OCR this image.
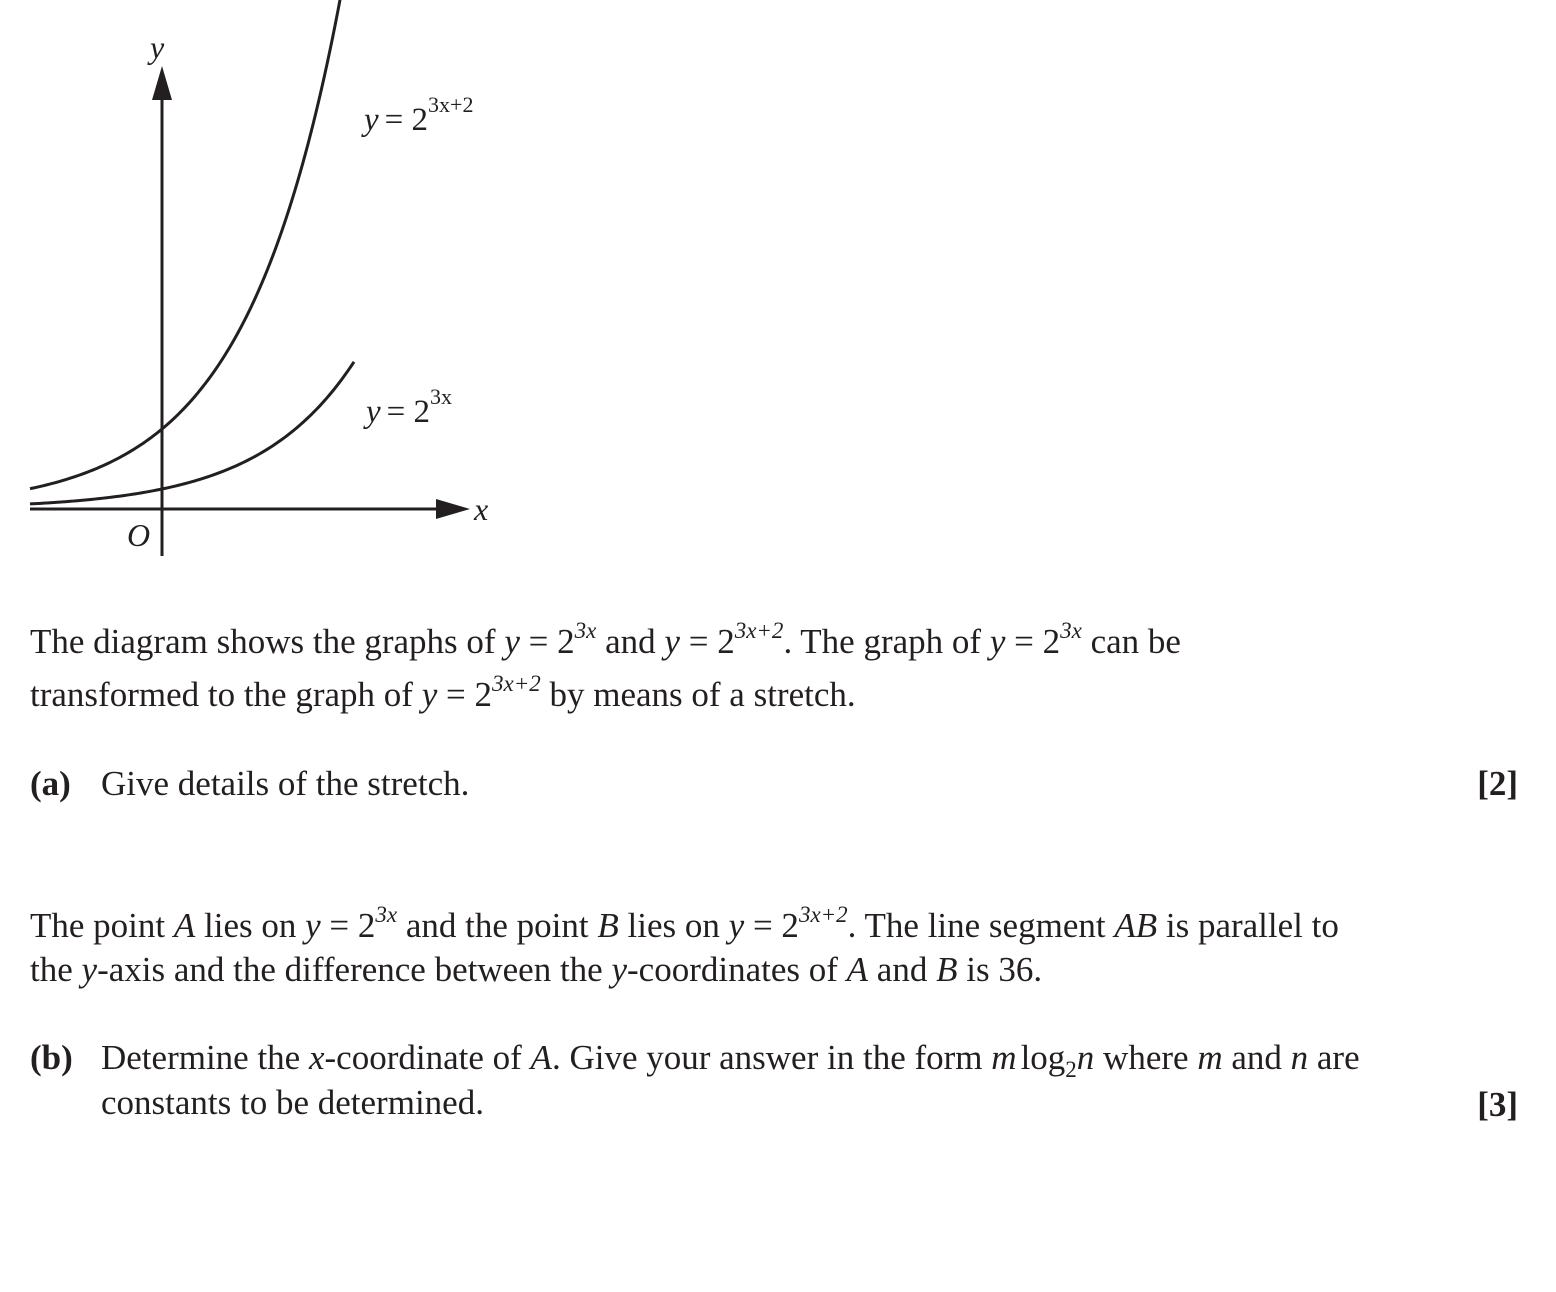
y
x
O
$y = 2^{3x+2}$
$y = 2^{3x}$

The diagram shows the graphs of $y = 2^{3x}$ and $y = 2^{3x+2}$. The graph of $y = 2^{3x}$ can be

transformed to the graph of $y = 2^{3x+2}$ by means of a stretch.

(a) Give details of the stretch.	[2]

The point A lies on $y = 2^{3x}$ and the point B lies on $y = 2^{3x+2}$. The line segment AB is parallel to

the y-axis and the difference between the y-coordinates of A and B is 36.

(b) Determine the x-coordinate of A. Give your answer in the form m $\log_2n$ where m and n are
constants to be determined.	[3]
